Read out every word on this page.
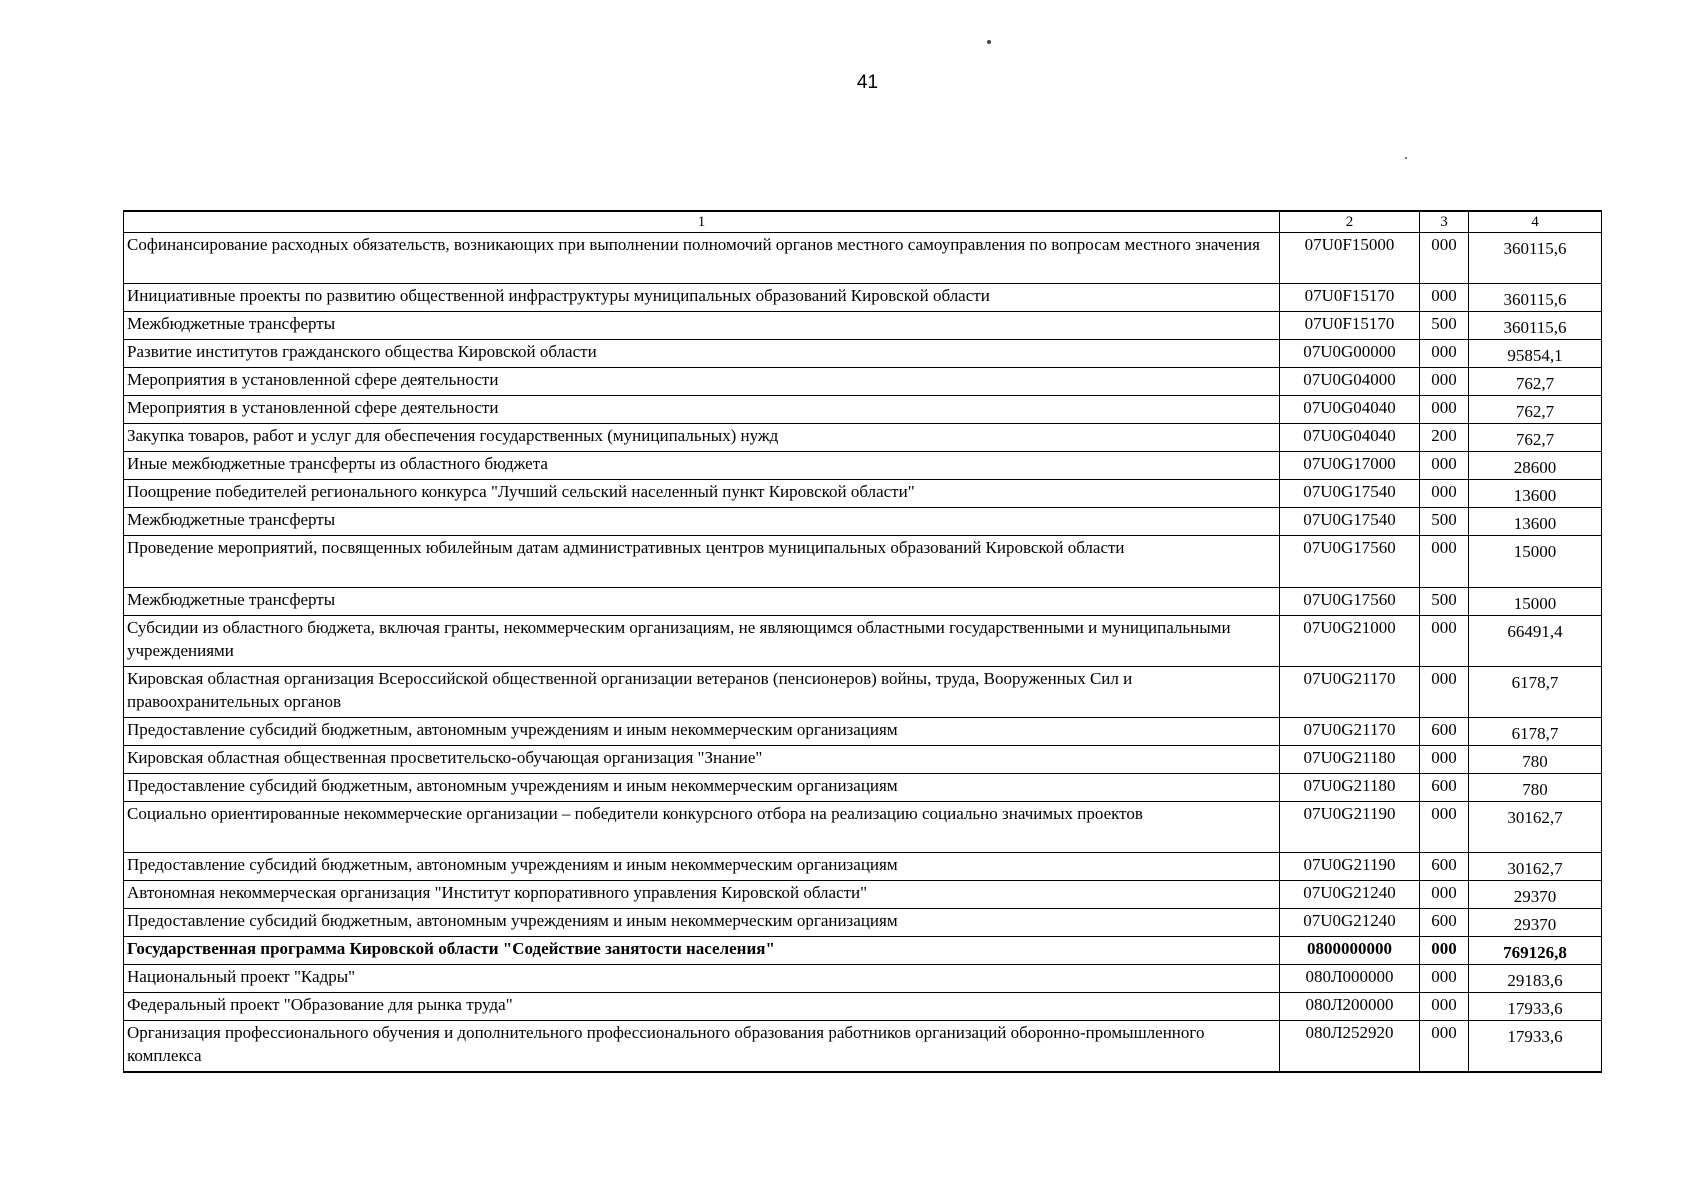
41
1	2	3	4
Софинансирование расходных обязательств, возникающих при выполнении полномочий органов местного самоуправления по вопросам местного значения	07U0F15000	000	360115,6
Инициативные проекты по развитию общественной инфраструктуры муниципальных образований Кировской области	07U0F15170	000	360115,6
Межбюджетные трансферты	07U0F15170	500	360115,6
Развитие институтов гражданского общества Кировской области	07U0G00000	000	95854,1
Мероприятия в установленной сфере деятельности	07U0G04000	000	762,7
Мероприятия в установленной сфере деятельности	07U0G04040	000	762,7
Закупка товаров, работ и услуг для обеспечения государственных (муниципальных) нужд	07U0G04040	200	762,7
Иные межбюджетные трансферты из областного бюджета	07U0G17000	000	28600
Поощрение победителей регионального конкурса "Лучший сельский населенный пункт Кировской области"	07U0G17540	000	13600
Межбюджетные трансферты	07U0G17540	500	13600
Проведение мероприятий, посвященных юбилейным датам административных центров муниципальных образований Кировской области	07U0G17560	000	15000
Межбюджетные трансферты	07U0G17560	500	15000
Субсидии из областного бюджета, включая гранты, некоммерческим организациям, не являющимся областными государственными и муниципальными учреждениями	07U0G21000	000	66491,4
Кировская областная организация Всероссийской общественной организации ветеранов (пенсионеров) войны, труда, Вооруженных Сил и правоохранительных органов	07U0G21170	000	6178,7
Предоставление субсидий бюджетным, автономным учреждениям и иным некоммерческим организациям	07U0G21170	600	6178,7
Кировская областная общественная просветительско-обучающая организация "Знание"	07U0G21180	000	780
Предоставление субсидий бюджетным, автономным учреждениям и иным некоммерческим организациям	07U0G21180	600	780
Социально ориентированные некоммерческие организации – победители конкурсного отбора на реализацию социально значимых проектов	07U0G21190	000	30162,7
Предоставление субсидий бюджетным, автономным учреждениям и иным некоммерческим организациям	07U0G21190	600	30162,7
Автономная некоммерческая организация "Институт корпоративного управления Кировской области"	07U0G21240	000	29370
Предоставление субсидий бюджетным, автономным учреждениям и иным некоммерческим организациям	07U0G21240	600	29370
Государственная программа Кировской области "Содействие занятости населения"	0800000000	000	769126,8
Национальный проект "Кадры"	080Л000000	000	29183,6
Федеральный проект "Образование для рынка труда"	080Л200000	000	17933,6
Организация профессионального обучения и дополнительного профессионального образования работников организаций оборонно-промышленного комплекса	080Л252920	000	17933,6
